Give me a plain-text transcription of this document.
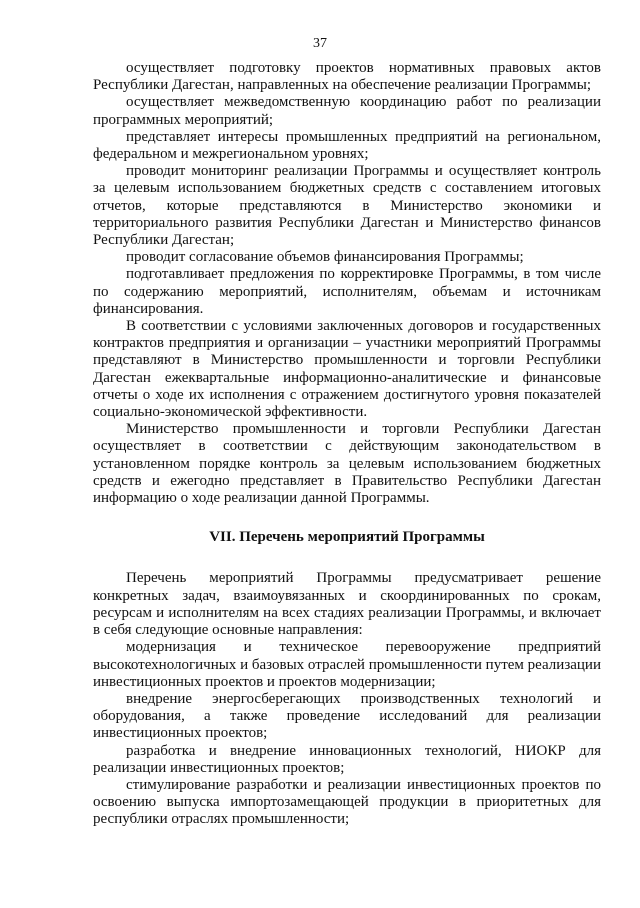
37

осуществляет подготовку проектов нормативных правовых актов Республики Дагестан, направленных на обеспечение реализации Программы;

осуществляет межведомственную координацию работ по реализации программных мероприятий;

представляет интересы промышленных предприятий на региональном, федеральном и межрегиональном уровнях;

проводит мониторинг реализации Программы и осуществляет контроль за целевым использованием бюджетных средств с составлением итоговых отчетов, которые представляются в Министерство экономики и территориального развития Республики Дагестан и Министерство финансов Республики Дагестан;

проводит согласование объемов финансирования Программы;

подготавливает предложения по корректировке Программы, в том числе по содержанию мероприятий, исполнителям, объемам и источникам финансирования.

В соответствии с условиями заключенных договоров и государственных контрактов предприятия и организации – участники мероприятий Программы представляют в Министерство промышленности и торговли Республики Дагестан ежеквартальные информационно-аналитические и финансовые отчеты о ходе их исполнения с отражением достигнутого уровня показателей социально-экономической эффективности.

Министерство промышленности и торговли Республики Дагестан осуществляет в соответствии с действующим законодательством в установленном порядке контроль за целевым использованием бюджетных средств и ежегодно представляет в Правительство Республики Дагестан информацию о ходе реализации данной Программы.

VII. Перечень мероприятий Программы

Перечень мероприятий Программы предусматривает решение конкретных задач, взаимоувязанных и скоординированных по срокам, ресурсам и исполнителям на всех стадиях реализации Программы, и включает в себя следующие основные направления:

модернизация и техническое перевооружение предприятий высокотехнологичных и базовых отраслей промышленности путем реализации инвестиционных проектов и проектов модернизации;

внедрение энергосберегающих производственных технологий и оборудования, а также проведение исследований для реализации инвестиционных проектов;

разработка и внедрение инновационных технологий, НИОКР для реализации инвестиционных проектов;

стимулирование разработки и реализации инвестиционных проектов по освоению выпуска импортозамещающей продукции в приоритетных для республики отраслях промышленности;
